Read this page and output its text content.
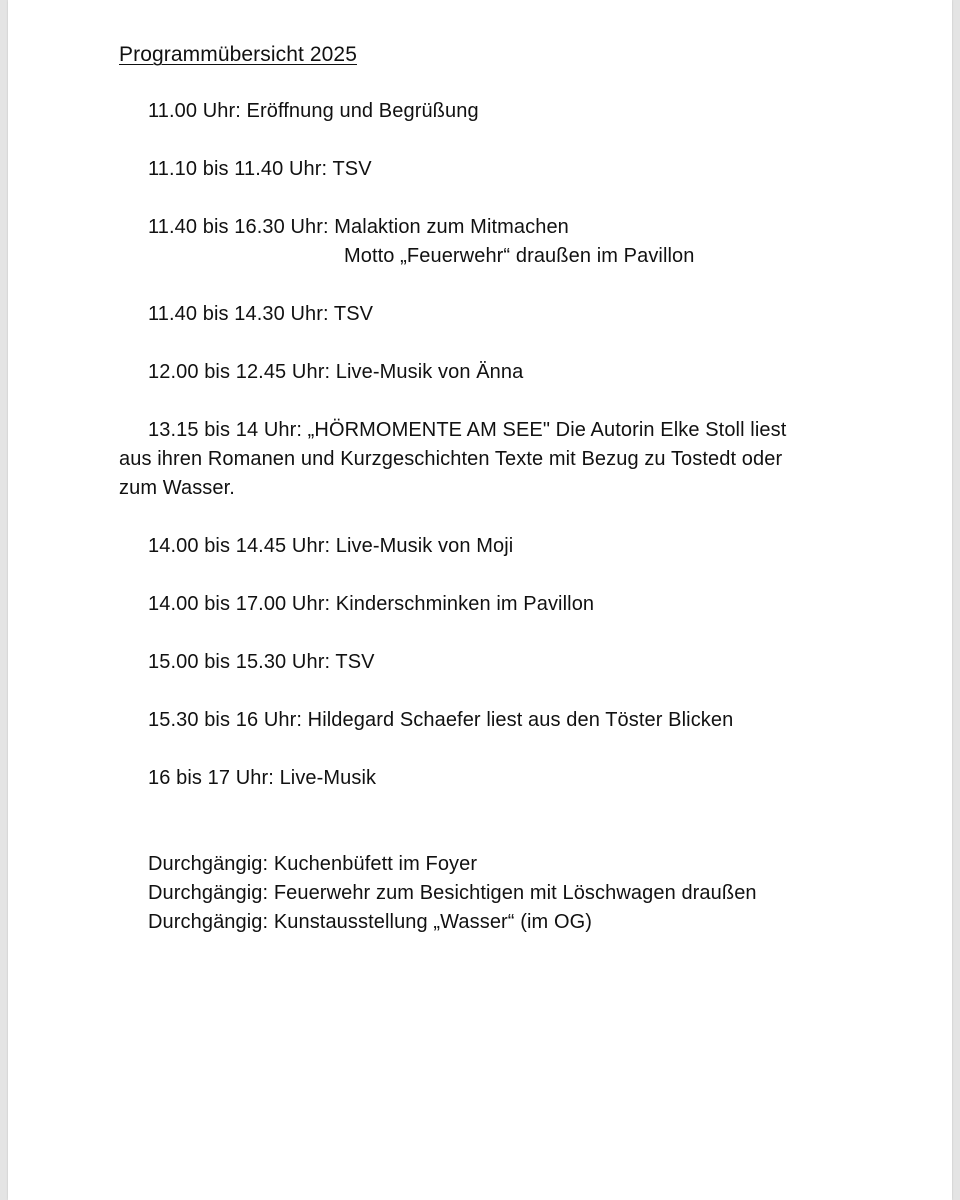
Programmübersicht 2025
11.00 Uhr: Eröffnung und Begrüßung
11.10 bis 11.40 Uhr: TSV
11.40 bis 16.30 Uhr: Malaktion zum Mitmachen
Motto „Feuerwehr“ draußen im Pavillon
11.40 bis 14.30 Uhr: TSV
12.00 bis 12.45 Uhr: Live-Musik von Änna
13.15 bis 14 Uhr: „HÖRMOMENTE AM SEE" Die Autorin Elke Stoll liest
aus ihren Romanen und Kurzgeschichten Texte mit Bezug zu Tostedt oder
zum Wasser.
14.00 bis 14.45 Uhr: Live-Musik von Moji
14.00 bis 17.00 Uhr: Kinderschminken im Pavillon
15.00 bis 15.30 Uhr: TSV
15.30 bis 16 Uhr: Hildegard Schaefer liest aus den Töster Blicken
16 bis 17 Uhr: Live-Musik
Durchgängig: Kuchenbüfett im Foyer
Durchgängig: Feuerwehr zum Besichtigen mit Löschwagen draußen
Durchgängig: Kunstausstellung „Wasser“ (im OG)
